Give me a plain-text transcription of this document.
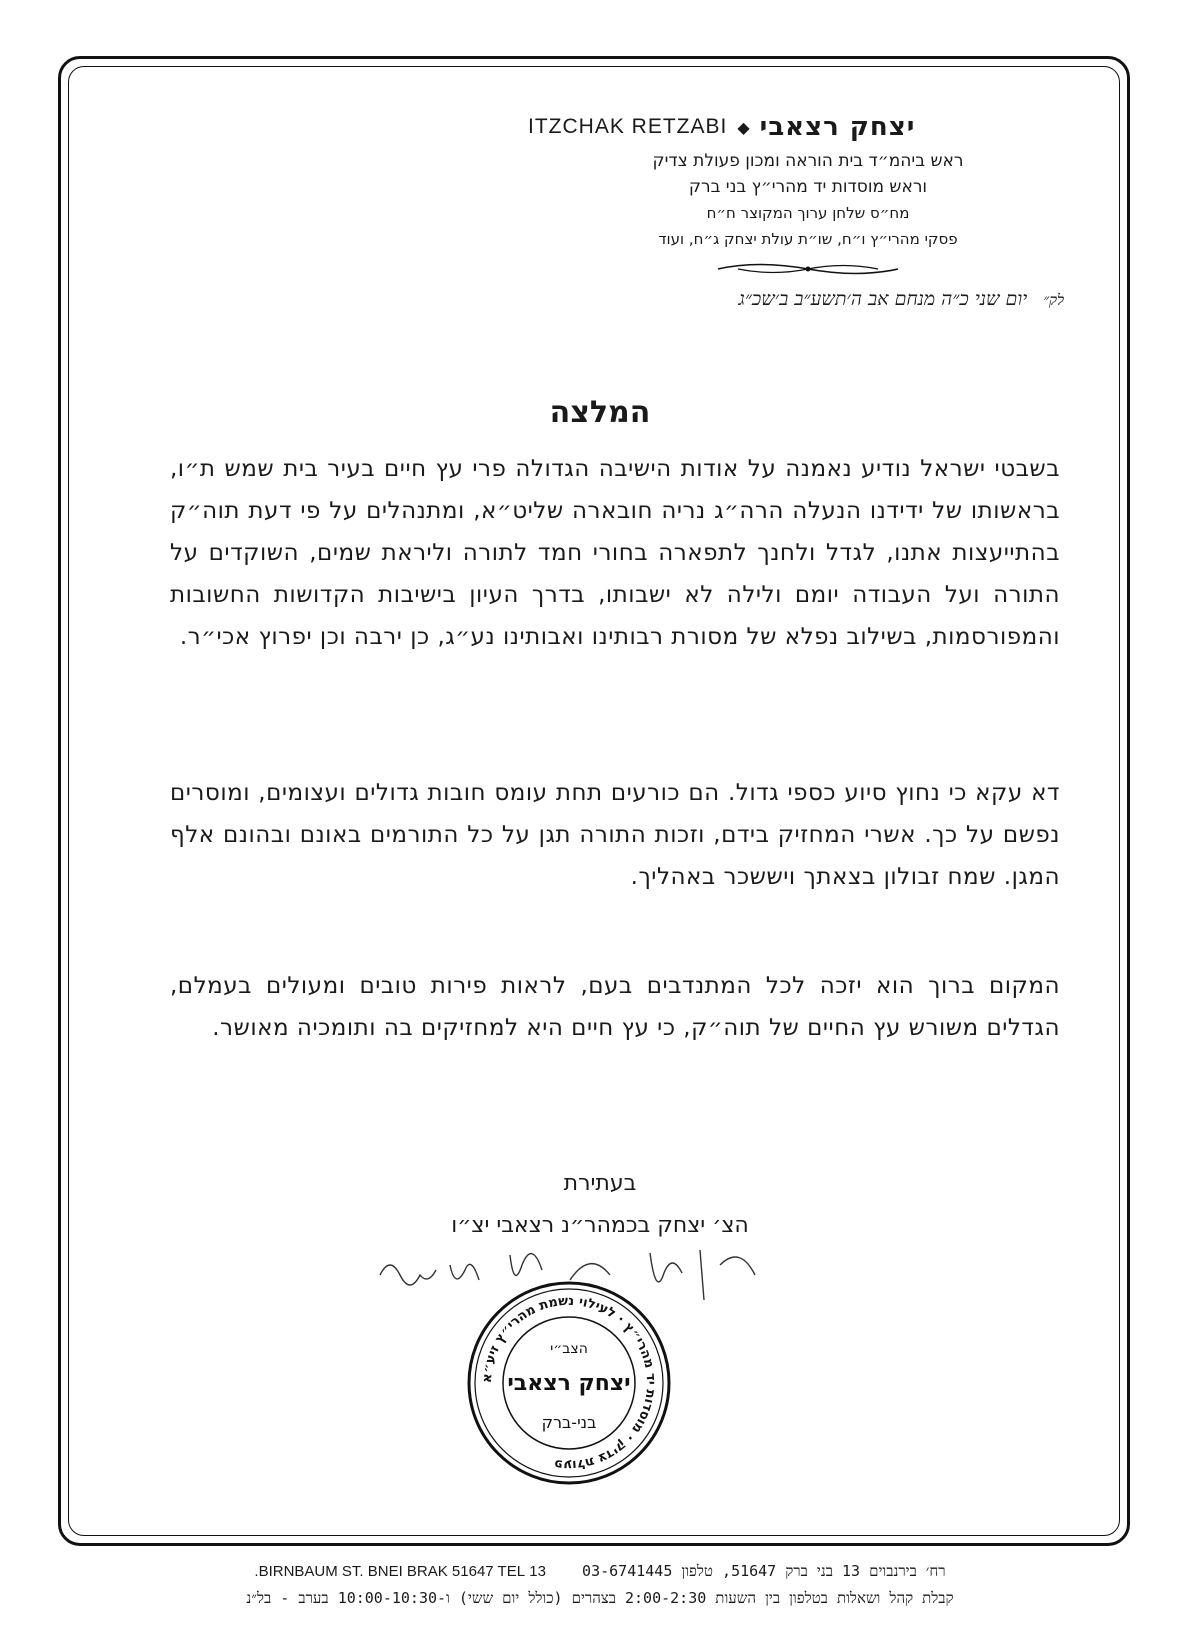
יצחק רצאבי
◆
ITZCHAK RETZABI
ראש ביהמ״ד בית הוראה ומכון פעולת צדיק
וראש מוסדות יד מהרי״ץ בני ברק
מח״ס שלחן ערוך המקוצר ח״ח
פסקי מהרי״ץ ו״ח, שו״ת עולת יצחק ג״ח, ועוד
לק״ יום שני כ״ה מנחם אב ה׳תשע״ב ב׳שכ״ג
המלצה
בשבטי ישראל נודיע נאמנה על אודות הישיבה הגדולה פרי עץ חיים בעיר בית שמש ת״ו, בראשותו של ידידנו הנעלה הרה״ג נריה חובארה שליט״א, ומתנהלים על פי דעת תוה״ק בהתייעצות אתנו, לגדל ולחנך לתפארה בחורי חמד לתורה וליראת שמים, השוקדים על התורה ועל העבודה יומם ולילה לא ישבותו, בדרך העיון בישיבות הקדושות החשובות והמפורסמות, בשילוב נפלא של מסורת רבותינו ואבותינו נע״ג, כן ירבה וכן יפרוץ אכי״ר.
דא עקא כי נחוץ סיוע כספי גדול. הם כורעים תחת עומס חובות גדולים ועצומים, ומוסרים נפשם על כך. אשרי המחזיק בידם, וזכות התורה תגן על כל התורמים באונם ובהונם אלף המגן. שמח זבולון בצאתך ויששכר באהליך.
המקום ברוך הוא יזכה לכל המתנדבים בעם, לראות פירות טובים ומעולים בעמלם, הגדלים משורש עץ החיים של תוה״ק, כי עץ חיים היא למחזיקים בה ותומכיה מאושר.
בעתירת
הצ׳ יצחק בכמהר״נ רצאבי יצ״ו
פעולת צדיק · מוסדות יד מהרי״ץ · לעילוי נשמת מהרי״ץ זיע״א
הצב״י
יצחק רצאבי
בני-ברק
רח׳ בירנבוים 13 בני ברק 51647, טלפון 03-6741445    13 BIRNBAUM ST. BNEI BRAK 51647 TEL.
קבלת קהל ושאלות בטלפון בין השעות 2:00-2:30 בצהרים (כולל יום ששי) ו-10:00-10:30 בערב - בל״נ
